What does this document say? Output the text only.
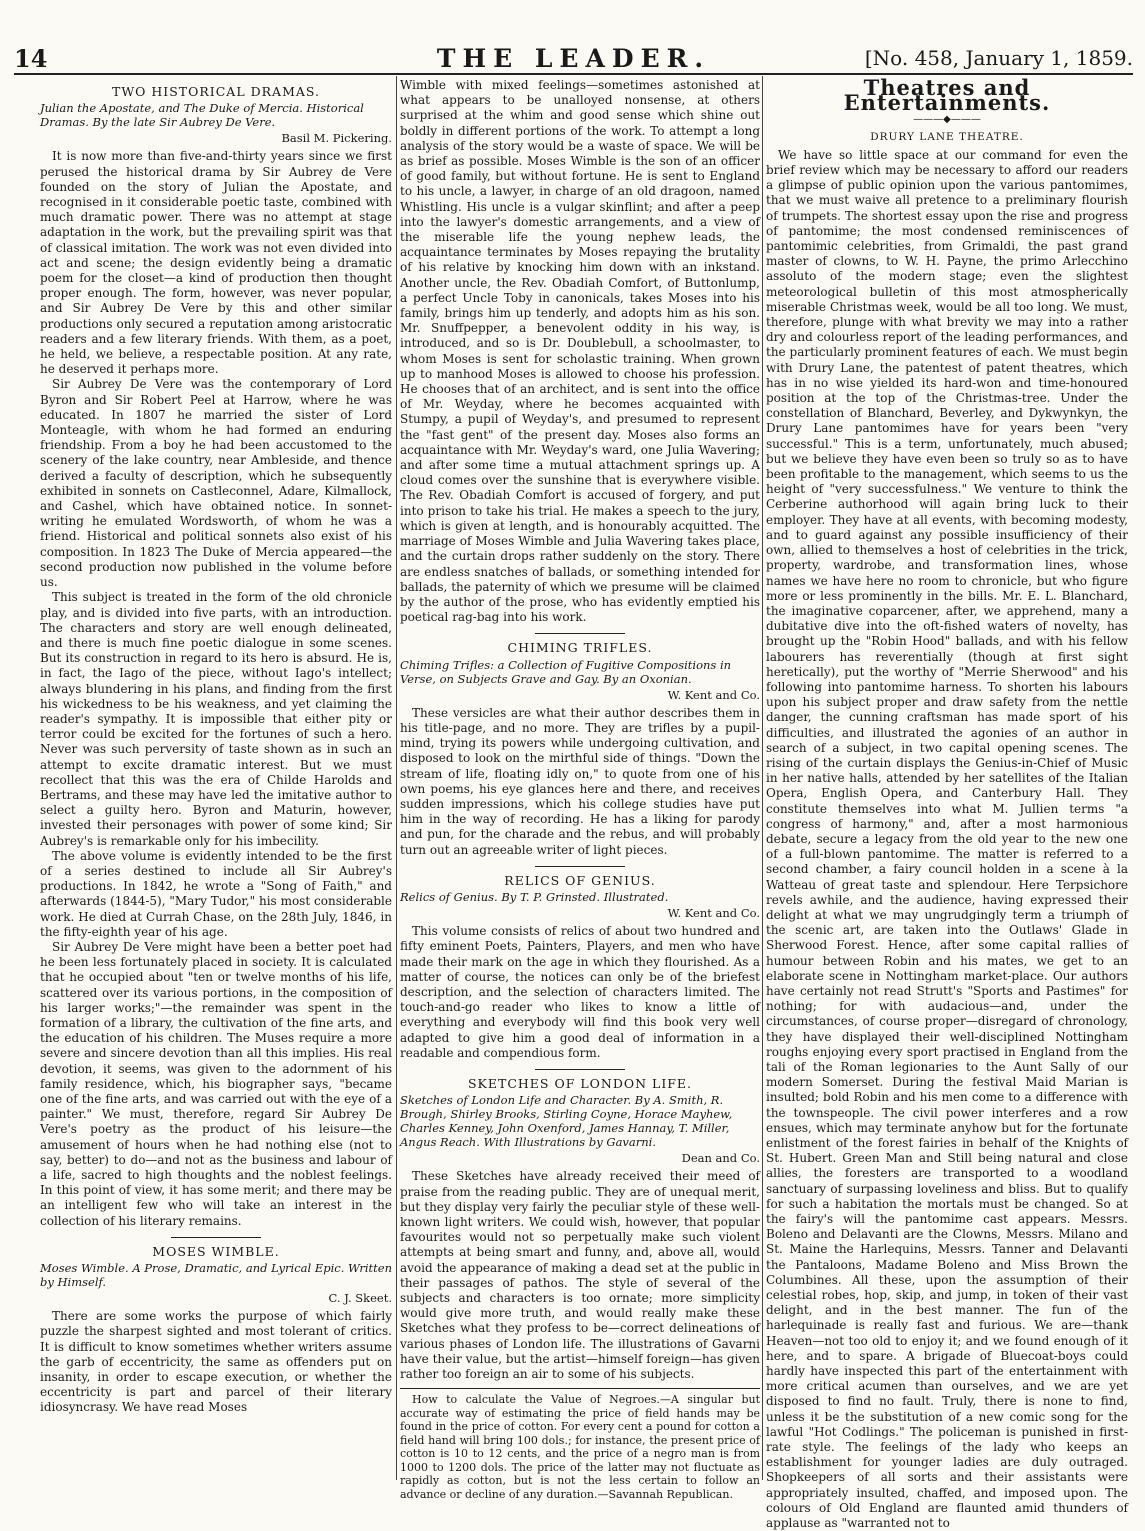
14	THE LEADER.	[No. 458, January 1, 1859.
TWO HISTORICAL DRAMAS.
Julian the Apostate, and The Duke of Mercia. Historical Dramas. By the late Sir Aubrey De Vere.
Basil M. Pickering.

It is now more than five-and-thirty years since we first perused the historical drama by Sir Aubrey de Vere founded on the story of Julian the Apostate, and recognised in it considerable poetic taste, combined with much dramatic power. There was no attempt at stage adaptation in the work, but the prevailing spirit was that of classical imitation. The work was not even divided into act and scene; the design evidently being a dramatic poem for the closet—a kind of production then thought proper enough. The form, however, was never popular, and Sir Aubrey De Vere by this and other similar productions only secured a reputation among aristocratic readers and a few literary friends. With them, as a poet, he held, we believe, a respectable position. At any rate, he deserved it perhaps more.

Sir Aubrey De Vere was the contemporary of Lord Byron and Sir Robert Peel at Harrow, where he was educated. In 1807 he married the sister of Lord Monteagle, with whom he had formed an enduring friendship. From a boy he had been accustomed to the scenery of the lake country, near Ambleside, and thence derived a faculty of description, which he subsequently exhibited in sonnets on Castleconnel, Adare, Kilmallock, and Cashel, which have obtained notice. In sonnet-writing he emulated Wordsworth, of whom he was a friend. Historical and political sonnets also exist of his composition. In 1823 The Duke of Mercia appeared—the second production now published in the volume before us.

This subject is treated in the form of the old chronicle play, and is divided into five parts, with an introduction. The characters and story are well enough delineated, and there is much fine poetic dialogue in some scenes. But its construction in regard to its hero is absurd. He is, in fact, the Iago of the piece, without Iago's intellect; always blundering in his plans, and finding from the first his wickedness to be his weakness, and yet claiming the reader's sympathy. It is impossible that either pity or terror could be excited for the fortunes of such a hero. Never was such perversity of taste shown as in such an attempt to excite dramatic interest. But we must recollect that this was the era of Childe Harolds and Bertrams, and these may have led the imitative author to select a guilty hero. Byron and Maturin, however, invested their personages with power of some kind; Sir Aubrey's is remarkable only for his imbecility.

The above volume is evidently intended to be the first of a series destined to include all Sir Aubrey's productions. In 1842, he wrote a "Song of Faith," and afterwards (1844-5), "Mary Tudor," his most considerable work. He died at Currah Chase, on the 28th July, 1846, in the fifty-eighth year of his age.

Sir Aubrey De Vere might have been a better poet had he been less fortunately placed in society. It is calculated that he occupied about "ten or twelve months of his life, scattered over its various portions, in the composition of his larger works;"—the remainder was spent in the formation of a library, the cultivation of the fine arts, and the education of his children. The Muses require a more severe and sincere devotion than all this implies. His real devotion, it seems, was given to the adornment of his family residence, which, his biographer says, "became one of the fine arts, and was carried out with the eye of a painter." We must, therefore, regard Sir Aubrey De Vere's poetry as the product of his leisure—the amusement of hours when he had nothing else (not to say, better) to do—and not as the business and labour of a life, sacred to high thoughts and the noblest feelings. In this point of view, it has some merit; and there may be an intelligent few who will take an interest in the collection of his literary remains.

MOSES WIMBLE.
Moses Wimble. A Prose, Dramatic, and Lyrical Epic. Written by Himself.
C. J. Skeet.

There are some works the purpose of which fairly puzzle the sharpest sighted and most tolerant of critics. It is difficult to know sometimes whether writers assume the garb of eccentricity, the same as offenders put on insanity, in order to escape execution, or whether the eccentricity is part and parcel of their literary idiosyncrasy. We have read Moses

Wimble with mixed feelings—sometimes astonished at what appears to be unalloyed nonsense, at others surprised at the whim and good sense which shine out boldly in different portions of the work. To attempt a long analysis of the story would be a waste of space. We will be as brief as possible. Moses Wimble is the son of an officer of good family, but without fortune. He is sent to England to his uncle, a lawyer, in charge of an old dragoon, named Whistling. His uncle is a vulgar skinflint; and after a peep into the lawyer's domestic arrangements, and a view of the miserable life the young nephew leads, the acquaintance terminates by Moses repaying the brutality of his relative by knocking him down with an inkstand. Another uncle, the Rev. Obadiah Comfort, of Buttonlump, a perfect Uncle Toby in canonicals, takes Moses into his family, brings him up tenderly, and adopts him as his son. Mr. Snuffpepper, a benevolent oddity in his way, is introduced, and so is Dr. Doublebull, a schoolmaster, to whom Moses is sent for scholastic training. When grown up to manhood Moses is allowed to choose his profession. He chooses that of an architect, and is sent into the office of Mr. Weyday, where he becomes acquainted with Stumpy, a pupil of Weyday's, and presumed to represent the "fast gent" of the present day. Moses also forms an acquaintance with Mr. Weyday's ward, one Julia Wavering; and after some time a mutual attachment springs up. A cloud comes over the sunshine that is everywhere visible. The Rev. Obadiah Comfort is accused of forgery, and put into prison to take his trial. He makes a speech to the jury, which is given at length, and is honourably acquitted. The marriage of Moses Wimble and Julia Wavering takes place, and the curtain drops rather suddenly on the story. There are endless snatches of ballads, or something intended for ballads, the paternity of which we presume will be claimed by the author of the prose, who has evidently emptied his poetical rag-bag into his work.

CHIMING TRIFLES.
Chiming Trifles: a Collection of Fugitive Compositions in Verse, on Subjects Grave and Gay. By an Oxonian.
W. Kent and Co.

These versicles are what their author describes them in his title-page, and no more. They are trifles by a pupil-mind, trying its powers while undergoing cultivation, and disposed to look on the mirthful side of things. "Down the stream of life, floating idly on," to quote from one of his own poems, his eye glances here and there, and receives sudden impressions, which his college studies have put him in the way of recording. He has a liking for parody and pun, for the charade and the rebus, and will probably turn out an agreeable writer of light pieces.

RELICS OF GENIUS.
Relics of Genius. By T. P. Grinsted. Illustrated.
W. Kent and Co.

This volume consists of relics of about two hundred and fifty eminent Poets, Painters, Players, and men who have made their mark on the age in which they flourished. As a matter of course, the notices can only be of the briefest description, and the selection of characters limited. The touch-and-go reader who likes to know a little of everything and everybody will find this book very well adapted to give him a good deal of information in a readable and compendious form.

SKETCHES OF LONDON LIFE.
Sketches of London Life and Character. By A. Smith, R. Brough, Shirley Brooks, Stirling Coyne, Horace Mayhew, Charles Kenney, John Oxenford, James Hannay, T. Miller, Angus Reach. With Illustrations by Gavarni.
Dean and Co.

These Sketches have already received their meed of praise from the reading public. They are of unequal merit, but they display very fairly the peculiar style of these well-known light writers. We could wish, however, that popular favourites would not so perpetually make such violent attempts at being smart and funny, and, above all, would avoid the appearance of making a dead set at the public in their passages of pathos. The style of several of the subjects and characters is too ornate; more simplicity would give more truth, and would really make these Sketches what they profess to be—correct delineations of various phases of London life. The illustrations of Gavarni have their value, but the artist—himself foreign—has given rather too foreign an air to some of his subjects.

How to calculate the Value of Negroes.—A singular but accurate way of estimating the price of field hands may be found in the price of cotton. For every cent a pound for cotton a field hand will bring 100 dols.; for instance, the present price of cotton is 10 to 12 cents, and the price of a negro man is from 1000 to 1200 dols. The price of the latter may not fluctuate as rapidly as cotton, but is not the less certain to follow an advance or decline of any duration.—Savannah Republican.

Theatres and Entertainments.
———◆———
DRURY LANE THEATRE.

We have so little space at our command for even the brief review which may be necessary to afford our readers a glimpse of public opinion upon the various pantomimes, that we must waive all pretence to a preliminary flourish of trumpets. The shortest essay upon the rise and progress of pantomime; the most condensed reminiscences of pantomimic celebrities, from Grimaldi, the past grand master of clowns, to W. H. Payne, the primo Arlecchino assoluto of the modern stage; even the slightest meteorological bulletin of this most atmospherically miserable Christmas week, would be all too long. We must, therefore, plunge with what brevity we may into a rather dry and colourless report of the leading performances, and the particularly prominent features of each. We must begin with Drury Lane, the patentest of patent theatres, which has in no wise yielded its hard-won and time-honoured position at the top of the Christmas-tree. Under the constellation of Blanchard, Beverley, and Dykwynkyn, the Drury Lane pantomimes have for years been "very successful." This is a term, unfortunately, much abused; but we believe they have even been so truly so as to have been profitable to the management, which seems to us the height of "very successfulness." We venture to think the Cerberine authorhood will again bring luck to their employer. They have at all events, with becoming modesty, and to guard against any possible insufficiency of their own, allied to themselves a host of celebrities in the trick, property, wardrobe, and transformation lines, whose names we have here no room to chronicle, but who figure more or less prominently in the bills. Mr. E. L. Blanchard, the imaginative coparcener, after, we apprehend, many a dubitative dive into the oft-fished waters of novelty, has brought up the "Robin Hood" ballads, and with his fellow labourers has reverentially (though at first sight heretically), put the worthy of "Merrie Sherwood" and his following into pantomime harness. To shorten his labours upon his subject proper and draw safety from the nettle danger, the cunning craftsman has made sport of his difficulties, and illustrated the agonies of an author in search of a subject, in two capital opening scenes. The rising of the curtain displays the Genius-in-Chief of Music in her native halls, attended by her satellites of the Italian Opera, English Opera, and Canterbury Hall. They constitute themselves into what M. Jullien terms "a congress of harmony," and, after a most harmonious debate, secure a legacy from the old year to the new one of a full-blown pantomime. The matter is referred to a second chamber, a fairy council holden in a scene à la Watteau of great taste and splendour. Here Terpsichore revels awhile, and the audience, having expressed their delight at what we may ungrudgingly term a triumph of the scenic art, are taken into the Outlaws' Glade in Sherwood Forest. Hence, after some capital rallies of humour between Robin and his mates, we get to an elaborate scene in Nottingham market-place. Our authors have certainly not read Strutt's "Sports and Pastimes" for nothing; for with audacious—and, under the circumstances, of course proper—disregard of chronology, they have displayed their well-disciplined Nottingham roughs enjoying every sport practised in England from the tali of the Roman legionaries to the Aunt Sally of our modern Somerset. During the festival Maid Marian is insulted; bold Robin and his men come to a difference with the townspeople. The civil power interferes and a row ensues, which may terminate anyhow but for the fortunate enlistment of the forest fairies in behalf of the Knights of St. Hubert. Green Man and Still being natural and close allies, the foresters are transported to a woodland sanctuary of surpassing loveliness and bliss. But to qualify for such a habitation the mortals must be changed. So at the fairy's will the pantomime cast appears. Messrs. Boleno and Delavanti are the Clowns, Messrs. Milano and St. Maine the Harlequins, Messrs. Tanner and Delavanti the Pantaloons, Madame Boleno and Miss Brown the Columbines. All these, upon the assumption of their celestial robes, hop, skip, and jump, in token of their vast delight, and in the best manner. The fun of the harlequinade is really fast and furious. We are—thank Heaven—not too old to enjoy it; and we found enough of it here, and to spare. A brigade of Bluecoat-boys could hardly have inspected this part of the entertainment with more critical acumen than ourselves, and we are yet disposed to find no fault. Truly, there is none to find, unless it be the substitution of a new comic song for the lawful "Hot Codlings." The policeman is punished in first-rate style. The feelings of the lady who keeps an establishment for younger ladies are duly outraged. Shopkeepers of all sorts and their assistants were appropriately insulted, chaffed, and imposed upon. The colours of Old England are flaunted amid thunders of applause as "warranted not to
